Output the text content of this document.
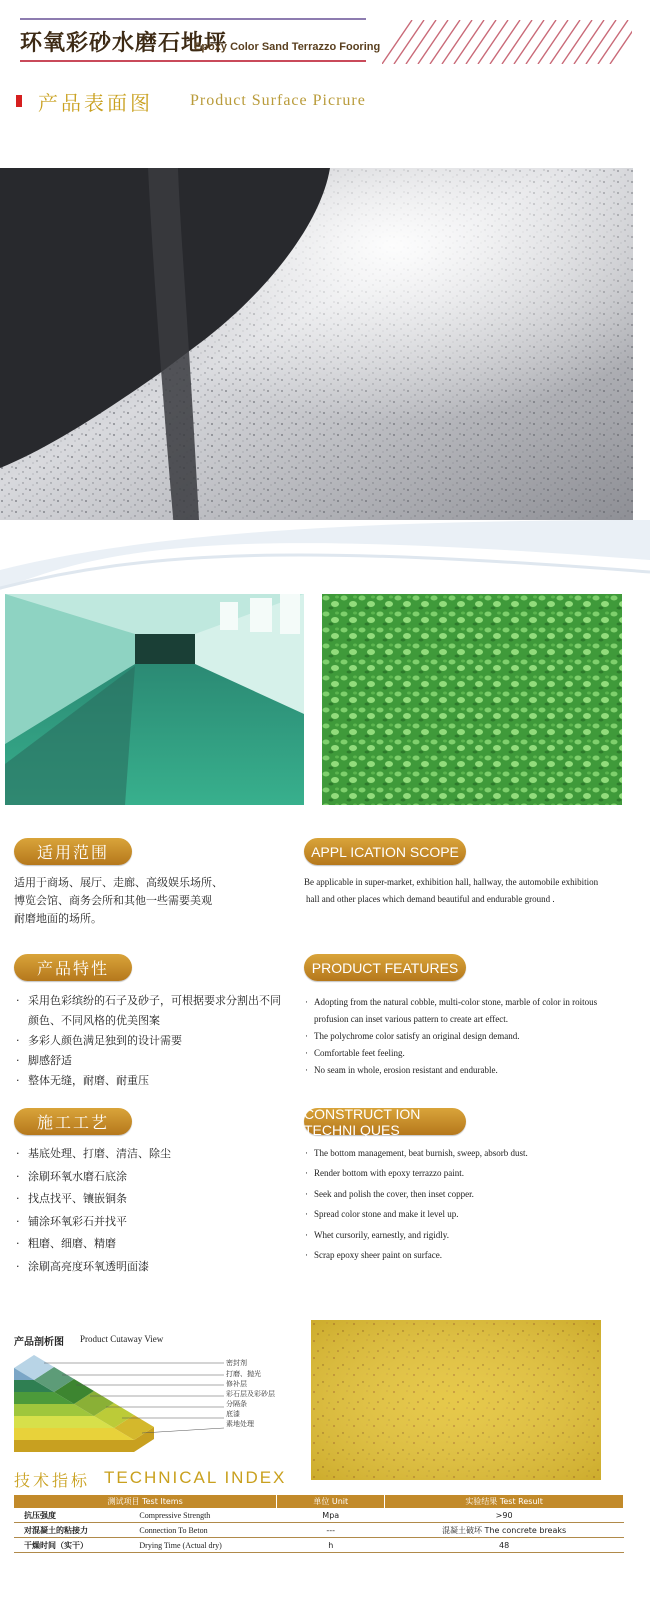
环氧彩砂水磨石地坪
Epoxy Color Sand Terrazzo Fooring
产品表面图 Product Surface Picrure
适用范围	APPL ICATION SCOPE
适用于商场、展厅、走廊、高级娱乐场所、
博览会馆、商务会所和其他一些需要美观
耐磨地面的场所。
Be applicable in super-market, exhibition hall, hallway, the automobile exhibition
hall and other places which demand beautiful and endurable ground .
产品特性	PRODUCT FEATURES
· 采用色彩缤纷的石子及砂子，可根据要求分割出不同
颜色、不同风格的优美图案
· 多彩人颜色满足独到的设计需要
· 脚感舒适
· 整体无缝，耐磨、耐重压
· Adopting from the natural cobble, multi-color stone, marble of color in roitous
profusion can inset various pattern to create art effect.
· The polychrome color satisfy an original design demand.
· Comfortable feet feeling.
· No seam in whole, erosion resistant and endurable.
施工工艺	CONSTRUCT ION TECHNI QUES
· 基底处理、打磨、清洁、除尘
· 涂刷环氧水磨石底涂
· 找点找平、镶嵌铜条
· 铺涂环氧彩石并找平
· 粗磨、细磨、精磨
· 涂刷高亮度环氧透明面漆
· The bottom management, beat burnish, sweep, absorb dust.
· Render bottom with epoxy terrazzo paint.
· Seek and polish the cover, then inset copper.
· Spread color stone and make it level up.
· Whet cursorily, earnestly, and rigidly.
· Scrap epoxy sheer paint on surface.
产品剖析图 Product Cutaway View
密封剂
打磨、抛光
修补层
彩石层及彩砂层
分隔条
底漆
素地处理
技术指标 TECHNICAL INDEX
测试项目 Test Items		单位 Unit	实验结果 Test Result
抗压强度	Compressive Strength	Mpa	>90
对混凝土的粘接力	Connection To Beton	---	混凝土破坏 The concrete breaks
干燥时间（实干）	Drying Time (Actual dry)	h	48
